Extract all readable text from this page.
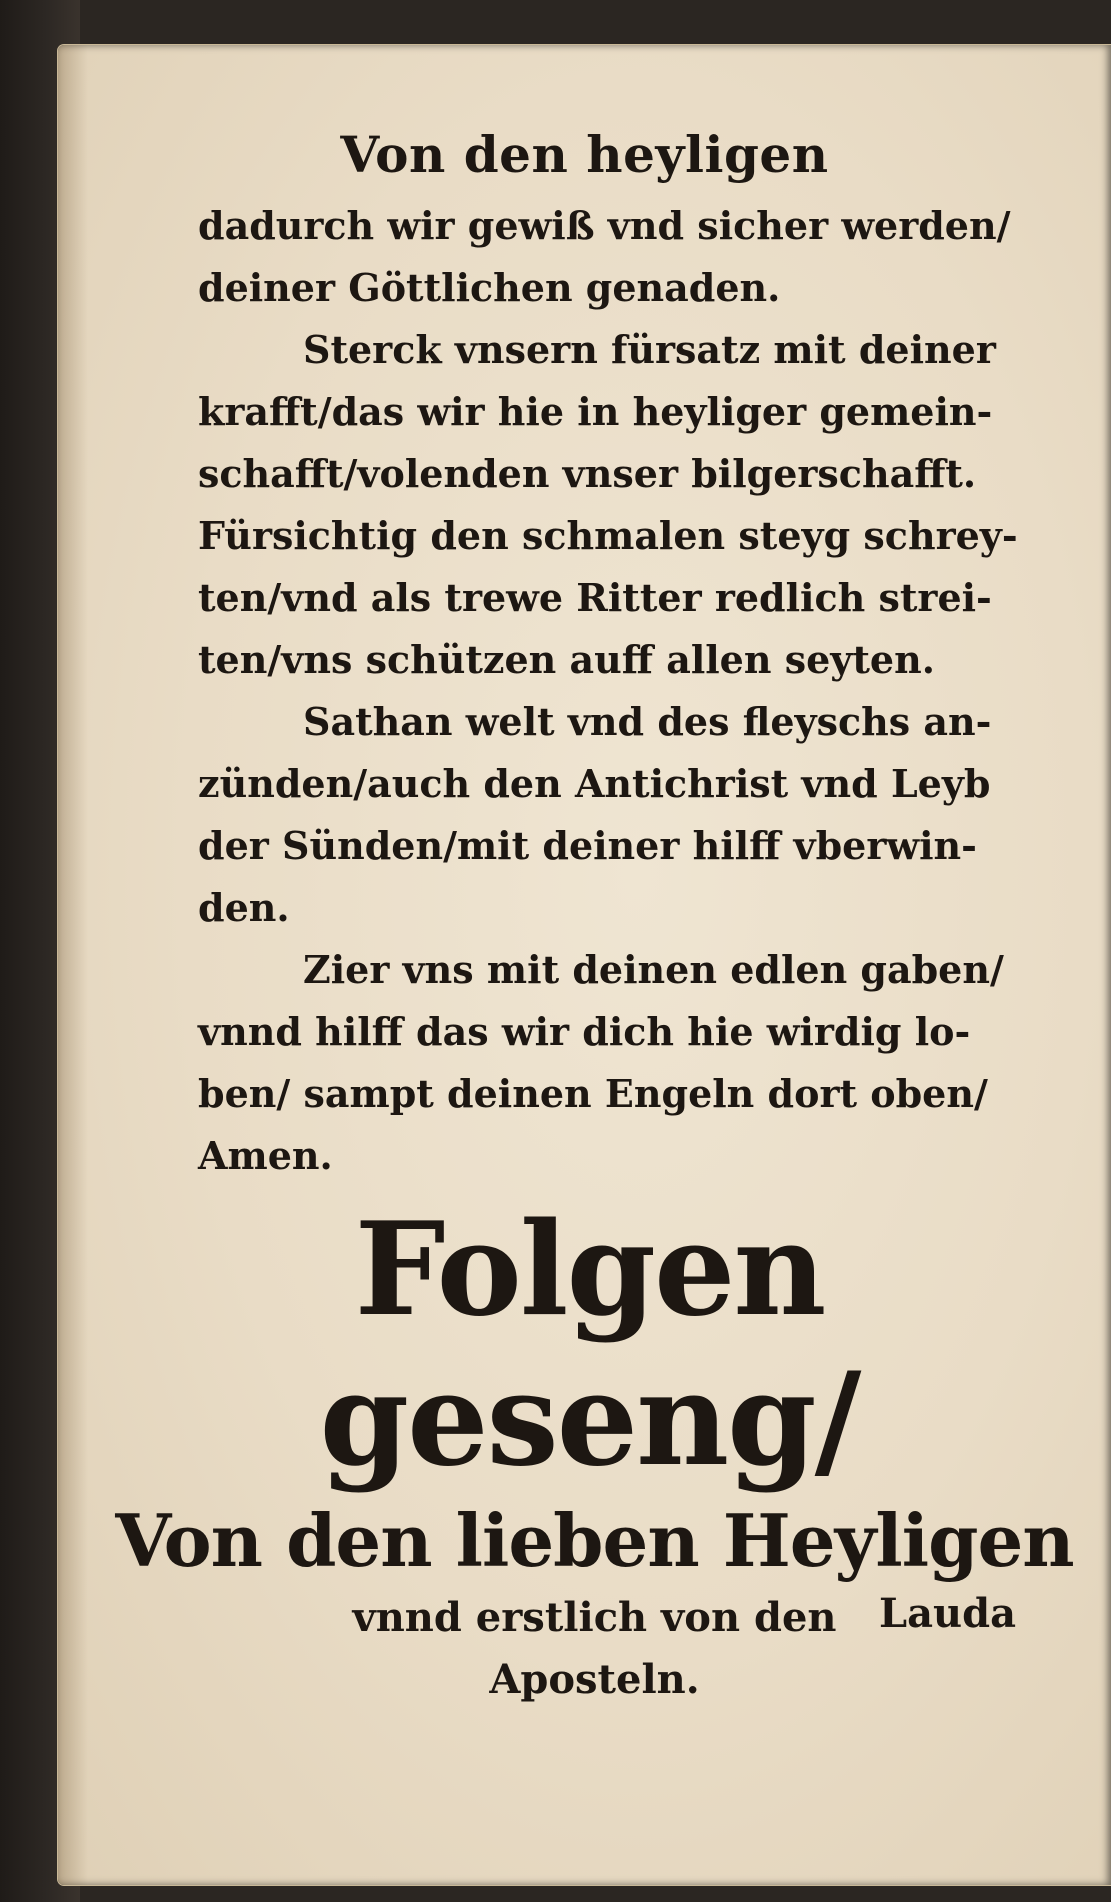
Von den heyligen

dadurch wir gewiß vnd sicher werden/
deiner Göttlichen genaden.

Sterck vnsern fürsatz mit deiner
krafft/das wir hie in heyliger gemein-
schafft/volenden vnser bilgerschafft.

Fürsichtig den schmalen steyg schrey-
ten/vnd als trewe Ritter redlich strei-
ten/vns schützen auff allen seyten.

Sathan welt vnd des fleyschs an-
zünden/auch den Antichrist vnd Leyb
der Sünden/mit deiner hilff vberwin-
den.

Zier vns mit deinen edlen gaben/
vnnd hilff das wir dich hie wirdig lo-
ben/ sampt deinen Engeln dort oben/
Amen.

Folgen geseng/
Von den lieben Heyligen
vnnd erstlich von den
Aposteln.

Lauda
